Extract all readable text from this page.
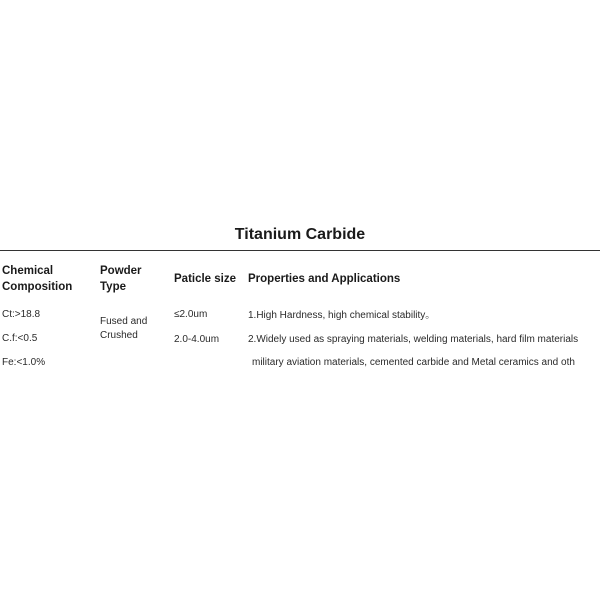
Titanium Carbide
Chemical Composition
Powder Type
Paticle size	Properties and Applications
Ct:>18.8
C.f:<0.5
Fe:<1.0%
Fused and Crushed
≤2.0um
2.0-4.0um
1.High Hardness, high chemical stability。
2.Widely used as spraying materials, welding materials, hard film materials
military aviation materials, cemented carbide and Metal ceramics and oth
